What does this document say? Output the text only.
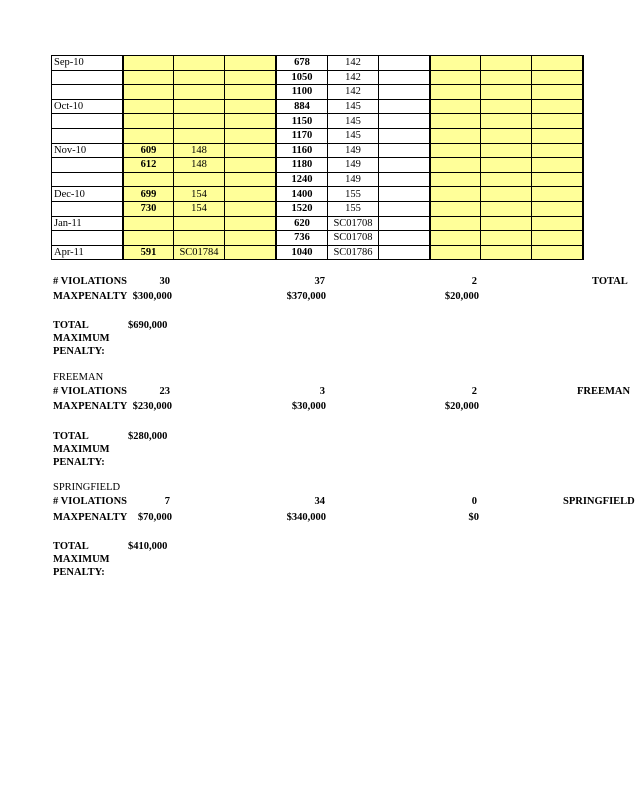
Sep-10				678	142				
				1050	142				
				1100	142				
Oct-10				884	145				
				1150	145				
				1170	145				
Nov-10	609	148		1160	149				
	612	148		1180	149				
				1240	149				
Dec-10	699	154		1400	155				
	730	154		1520	155				
Jan-11				620	SC01708				
				736	SC01708				
Apr-11	591	SC01784		1040	SC01786				
# VIOLATIONS	30	37	2	TOTAL
MAXPENALTY $300,000	$370,000	$20,000
TOTAL
MAXIMUM
PENALTY:
$690,000
FREEMAN
# VIOLATIONS	23	3	2	FREEMAN
MAXPENALTY $230,000	$30,000	$20,000
TOTAL
MAXIMUM
PENALTY:
$280,000
SPRINGFIELD
# VIOLATIONS	7	34	0	SPRINGFIELD
MAXPENALTY	$70,000	$340,000	$0
TOTAL
MAXIMUM
PENALTY:
$410,000
